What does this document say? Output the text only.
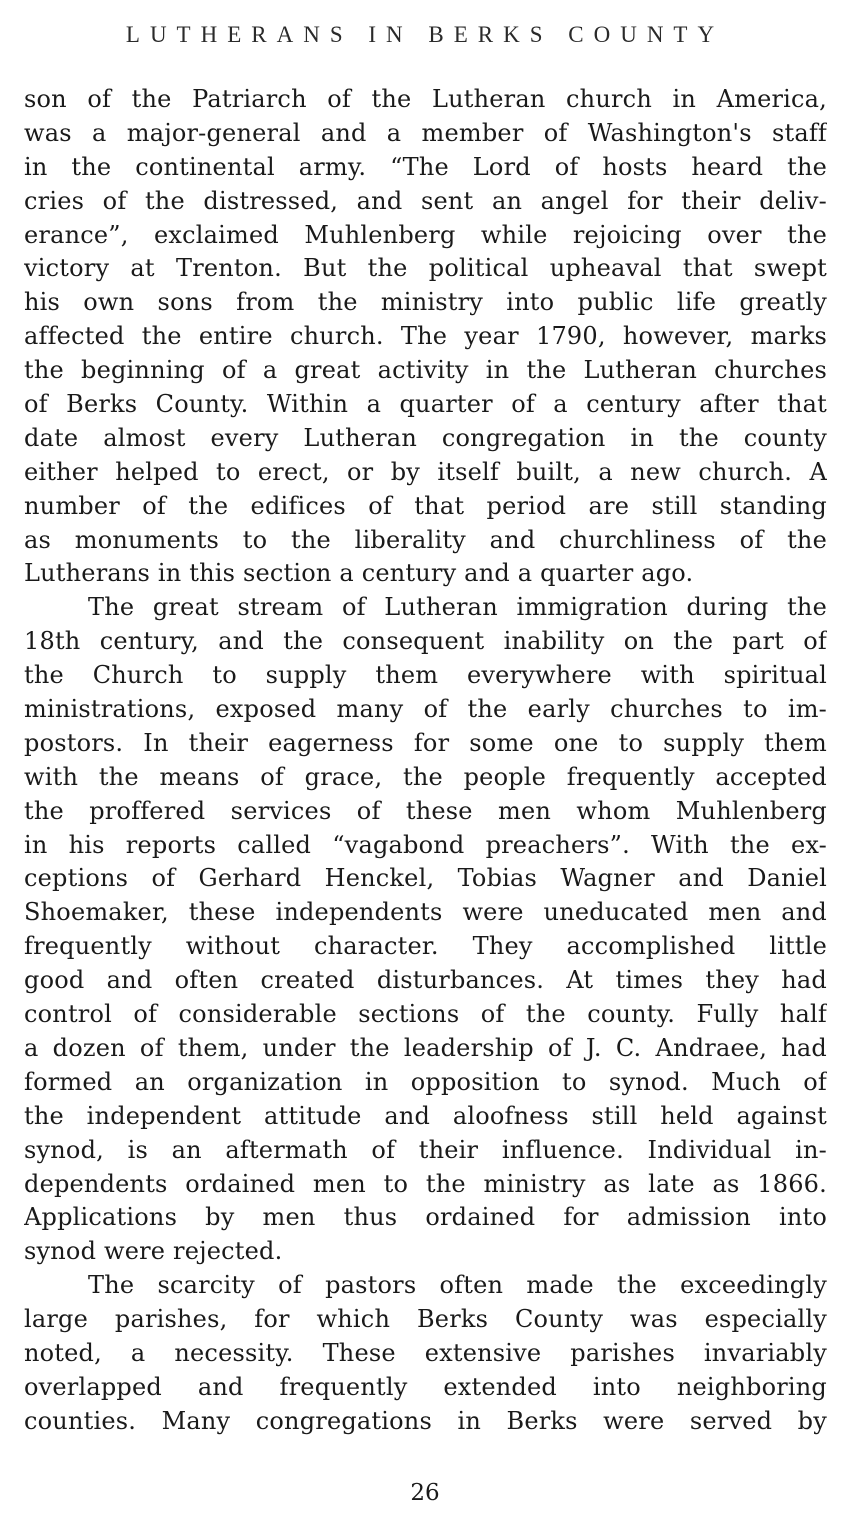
LUTHERANS IN BERKS COUNTY
son of the Patriarch of the Lutheran church in America,
was a major-general and a member of Washington's staff
in the continental army. “The Lord of hosts heard the
cries of the distressed, and sent an angel for their deliv-
erance”, exclaimed Muhlenberg while rejoicing over the
victory at Trenton. But the political upheaval that swept
his own sons from the ministry into public life greatly
affected the entire church. The year 1790, however, marks
the beginning of a great activity in the Lutheran churches
of Berks County. Within a quarter of a century after that
date almost every Lutheran congregation in the county
either helped to erect, or by itself built, a new church. A
number of the edifices of that period are still standing
as monuments to the liberality and churchliness of the
Lutherans in this section a century and a quarter ago.
The great stream of Lutheran immigration during the
18th century, and the consequent inability on the part of
the Church to supply them everywhere with spiritual
ministrations, exposed many of the early churches to im-
postors. In their eagerness for some one to supply them
with the means of grace, the people frequently accepted
the proffered services of these men whom Muhlenberg
in his reports called “vagabond preachers”. With the ex-
ceptions of Gerhard Henckel, Tobias Wagner and Daniel
Shoemaker, these independents were uneducated men and
frequently without character. They accomplished little
good and often created disturbances. At times they had
control of considerable sections of the county. Fully half
a dozen of them, under the leadership of J. C. Andraee, had
formed an organization in opposition to synod. Much of
the independent attitude and aloofness still held against
synod, is an aftermath of their influence. Individual in-
dependents ordained men to the ministry as late as 1866.
Applications by men thus ordained for admission into
synod were rejected.
The scarcity of pastors often made the exceedingly
large parishes, for which Berks County was especially
noted, a necessity. These extensive parishes invariably
overlapped and frequently extended into neighboring
counties. Many congregations in Berks were served by
26
